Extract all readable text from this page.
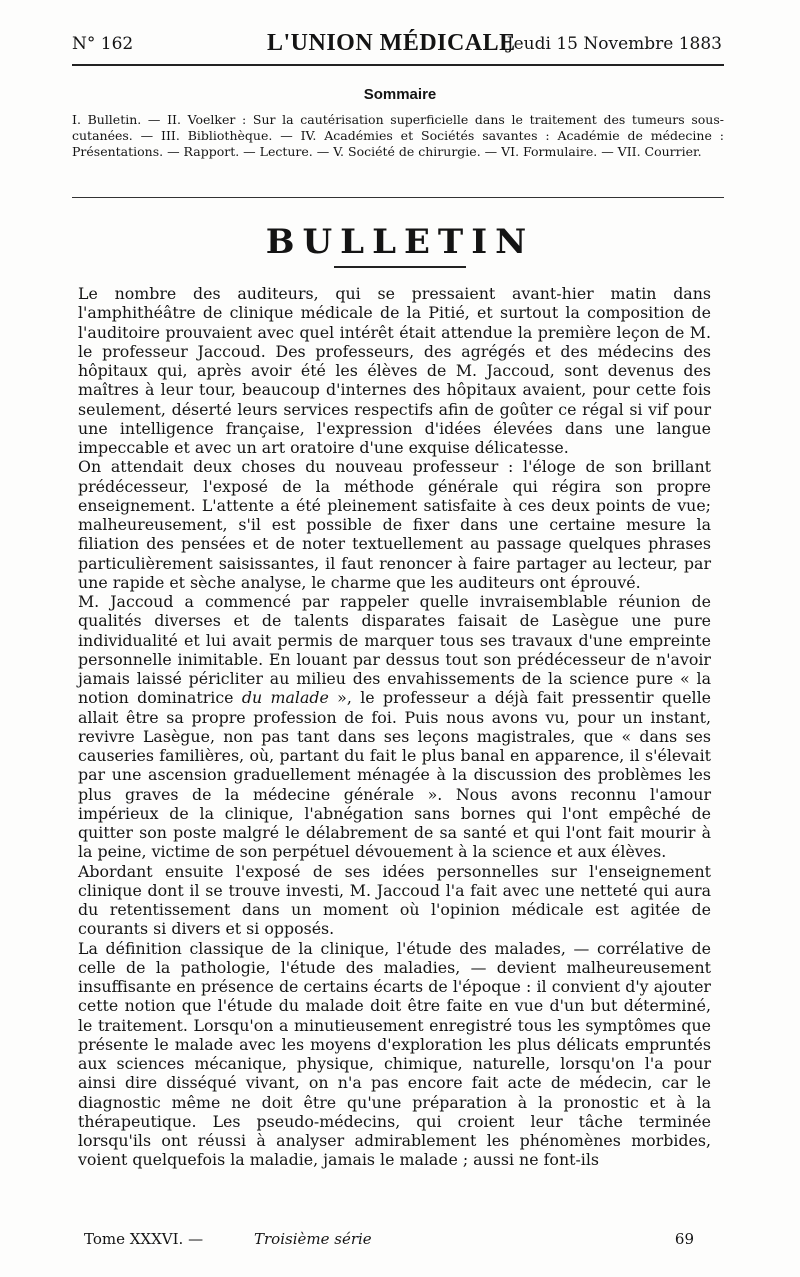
N° 162	L'UNION MÉDICALE
Jeudi 15 Novembre 1883
Sommaire
I. Bulletin. — II. Voelker : Sur la cautérisation superficielle dans le traitement des tumeurs sous-cutanées. — III. Bibliothèque. — IV. Académies et Sociétés savantes : Académie de médecine : Présentations. — Rapport. — Lecture. — V. Société de chirurgie. — VI. Formulaire. — VII. Courrier.
BULLETIN

Le nombre des auditeurs, qui se pressaient avant-hier matin dans l'amphithéâtre de clinique médicale de la Pitié, et surtout la composition de l'auditoire prouvaient avec quel intérêt était attendue la première leçon de M. le professeur Jaccoud. Des professeurs, des agrégés et des médecins des hôpitaux qui, après avoir été les élèves de M. Jaccoud, sont devenus des maîtres à leur tour, beaucoup d'internes des hôpitaux avaient, pour cette fois seulement, déserté leurs services respectifs afin de goûter ce régal si vif pour une intelligence française, l'expression d'idées élevées dans une langue impeccable et avec un art oratoire d'une exquise délicatesse.

On attendait deux choses du nouveau professeur : l'éloge de son brillant prédécesseur, l'exposé de la méthode générale qui régira son propre enseignement. L'attente a été pleinement satisfaite à ces deux points de vue; malheureusement, s'il est possible de fixer dans une certaine mesure la filiation des pensées et de noter textuellement au passage quelques phrases particulièrement saisissantes, il faut renoncer à faire partager au lecteur, par une rapide et sèche analyse, le charme que les auditeurs ont éprouvé.

M. Jaccoud a commencé par rappeler quelle invraisemblable réunion de qualités diverses et de talents disparates faisait de Lasègue une pure individualité et lui avait permis de marquer tous ses travaux d'une empreinte personnelle inimitable. En louant par dessus tout son prédécesseur de n'avoir jamais laissé péricliter au milieu des envahissements de la science pure « la notion dominatrice du malade », le professeur a déjà fait pressentir quelle allait être sa propre profession de foi. Puis nous avons vu, pour un instant, revivre Lasègue, non pas tant dans ses leçons magistrales, que « dans ses causeries familières, où, partant du fait le plus banal en apparence, il s'élevait par une ascension graduellement ménagée à la discussion des problèmes les plus graves de la médecine générale ». Nous avons reconnu l'amour impérieux de la clinique, l'abnégation sans bornes qui l'ont empêché de quitter son poste malgré le délabrement de sa santé et qui l'ont fait mourir à la peine, victime de son perpétuel dévouement à la science et aux élèves.

Abordant ensuite l'exposé de ses idées personnelles sur l'enseignement clinique dont il se trouve investi, M. Jaccoud l'a fait avec une netteté qui aura du retentissement dans un moment où l'opinion médicale est agitée de courants si divers et si opposés.

La définition classique de la clinique, l'étude des malades, — corrélative de celle de la pathologie, l'étude des maladies, — devient malheureusement insuffisante en présence de certains écarts de l'époque : il convient d'y ajouter cette notion que l'étude du malade doit être faite en vue d'un but déterminé, le traitement. Lorsqu'on a minutieusement enregistré tous les symptômes que présente le malade avec les moyens d'exploration les plus délicats empruntés aux sciences mécanique, physique, chimique, naturelle, lorsqu'on l'a pour ainsi dire disséqué vivant, on n'a pas encore fait acte de médecin, car le diagnostic même ne doit être qu'une préparation à la pronostic et à la thérapeutique. Les pseudo-médecins, qui croient leur tâche terminée lorsqu'ils ont réussi à analyser admirablement les phénomènes morbides, voient quelquefois la maladie, jamais le malade ; aussi ne font-ils

Tome XXXVI. —	Troisième série	69
